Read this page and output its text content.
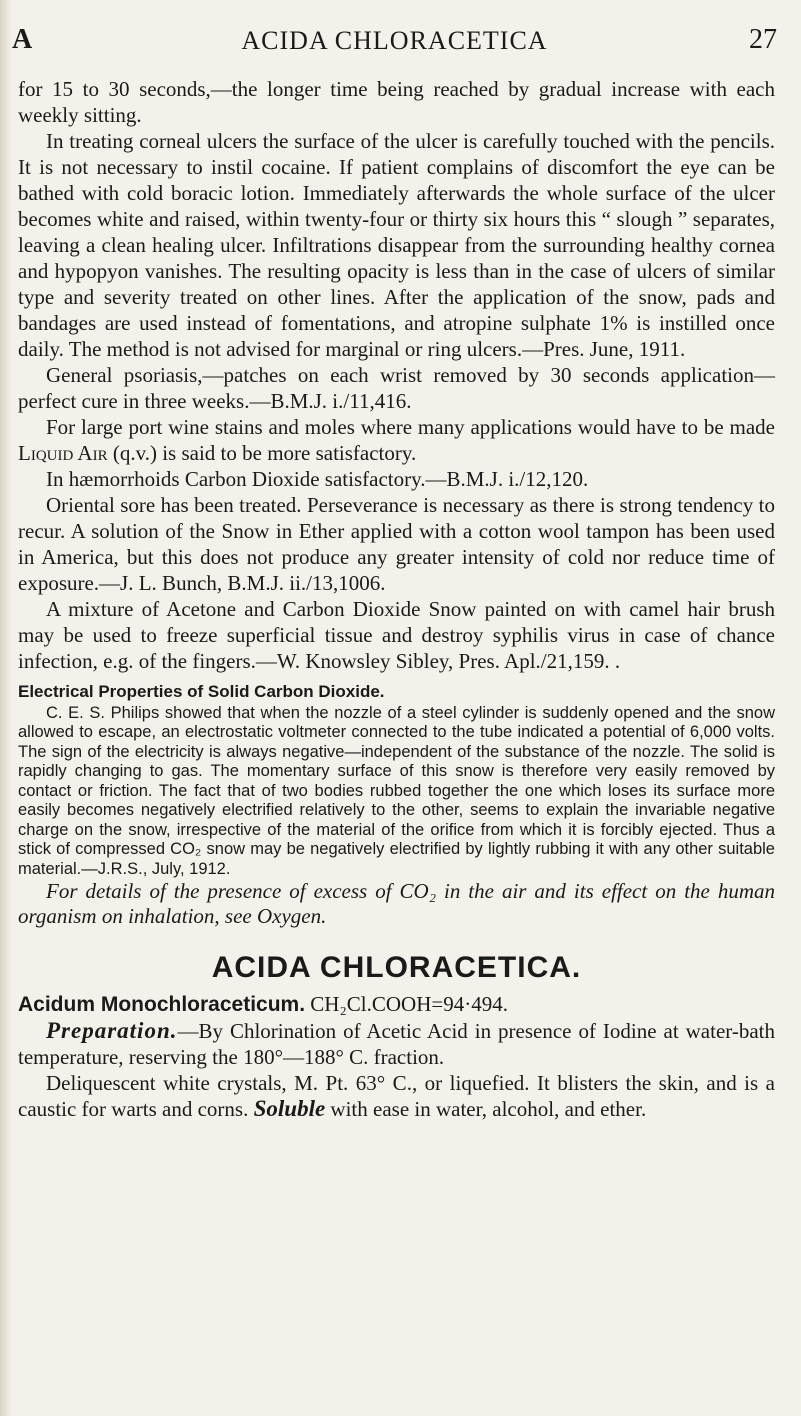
A	ACIDA CHLORACETICA	27

for 15 to 30 seconds,—the longer time being reached by gradual increase with each weekly sitting.

In treating corneal ulcers the surface of the ulcer is carefully touched with the pencils. It is not necessary to instil cocaine. If patient complains of discomfort the eye can be bathed with cold boracic lotion. Immediately afterwards the whole surface of the ulcer becomes white and raised, within twenty-four or thirty six hours this “ slough ” separates, leaving a clean healing ulcer. Infiltrations disappear from the surrounding healthy cornea and hypopyon vanishes. The resulting opacity is less than in the case of ulcers of similar type and severity treated on other lines. After the application of the snow, pads and bandages are used instead of fomentations, and atropine sulphate 1% is instilled once daily. The method is not advised for marginal or ring ulcers.—Pres. June, 1911.

General psoriasis,—patches on each wrist removed by 30 seconds application—perfect cure in three weeks.—B.M.J. i./11,416.

For large port wine stains and moles where many applications would have to be made Liquid Air (q.v.) is said to be more satisfactory.

In hæmorrhoids Carbon Dioxide satisfactory.—B.M.J. i./12,120.

Oriental sore has been treated. Perseverance is necessary as there is strong tendency to recur. A solution of the Snow in Ether applied with a cotton wool tampon has been used in America, but this does not produce any greater intensity of cold nor reduce time of exposure.—J. L. Bunch, B.M.J. ii./13,1006.

A mixture of Acetone and Carbon Dioxide Snow painted on with camel hair brush may be used to freeze superficial tissue and destroy syphilis virus in case of chance infection, e.g. of the fingers.—W. Knowsley Sibley, Pres. Apl./21,159. .

Electrical Properties of Solid Carbon Dioxide.

C. E. S. Philips showed that when the nozzle of a steel cylinder is suddenly opened and the snow allowed to escape, an electrostatic voltmeter connected to the tube indicated a potential of 6,000 volts. The sign of the electricity is always negative—independent of the substance of the nozzle. The solid is rapidly changing to gas. The momentary surface of this snow is therefore very easily removed by contact or friction. The fact that of two bodies rubbed together the one which loses its surface more easily becomes negatively electrified relatively to the other, seems to explain the invariable negative charge on the snow, irrespective of the material of the orifice from which it is forcibly ejected. Thus a stick of compressed CO₂ snow may be negatively electrified by lightly rubbing it with any other suitable material.—J.R.S., July, 1912.

For details of the presence of excess of CO₂ in the air and its effect on the human organism on inhalation, see Oxygen.

ACIDA CHLORACETICA.

Acidum Monochloraceticum. CH₂Cl.COOH=94·494.

Preparation.—By Chlorination of Acetic Acid in presence of Iodine at water-bath temperature, reserving the 180°—188° C. fraction.

Deliquescent white crystals, M. Pt. 63° C., or liquefied. It blisters the skin, and is a caustic for warts and corns. Soluble with ease in water, alcohol, and ether.
